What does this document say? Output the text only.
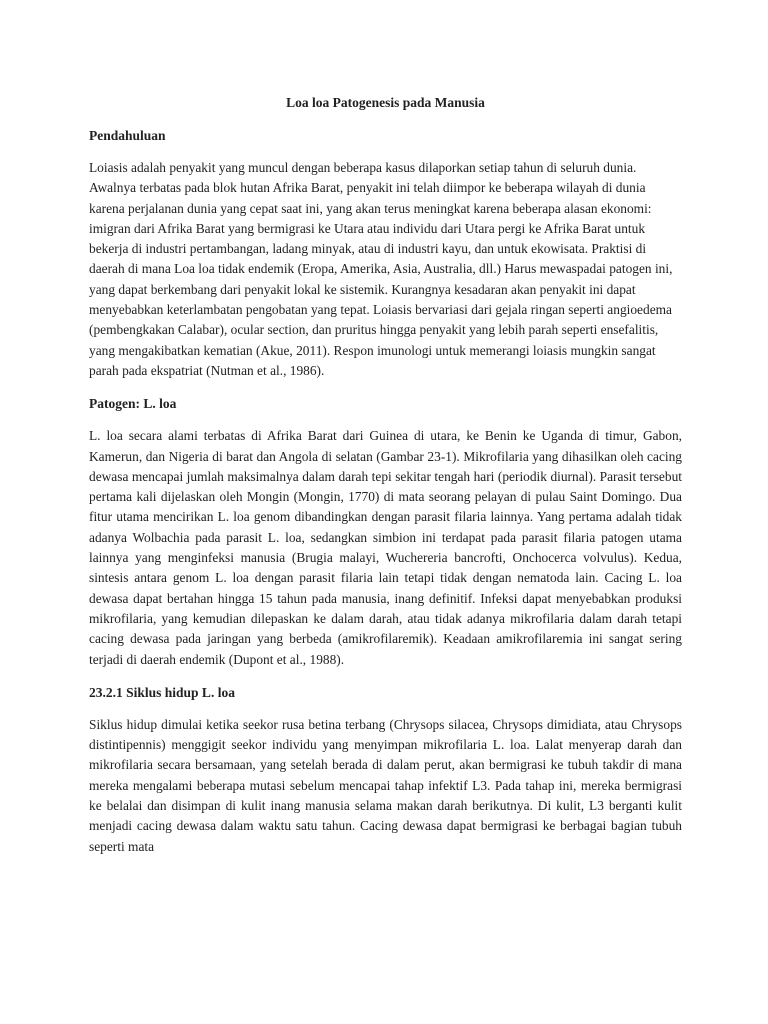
Loa loa Patogenesis pada Manusia
Pendahuluan

Loiasis adalah penyakit yang muncul dengan beberapa kasus dilaporkan setiap tahun di seluruh dunia. Awalnya terbatas pada blok hutan Afrika Barat, penyakit ini telah diimpor ke beberapa wilayah di dunia karena perjalanan dunia yang cepat saat ini, yang akan terus meningkat karena beberapa alasan ekonomi: imigran dari Afrika Barat yang bermigrasi ke Utara atau individu dari Utara pergi ke Afrika Barat untuk bekerja di industri pertambangan, ladang minyak, atau di industri kayu, dan untuk ekowisata. Praktisi di daerah di mana Loa loa tidak endemik (Eropa, Amerika, Asia, Australia, dll.) Harus mewaspadai patogen ini, yang dapat berkembang dari penyakit lokal ke sistemik. Kurangnya kesadaran akan penyakit ini dapat menyebabkan keterlambatan pengobatan yang tepat. Loiasis bervariasi dari gejala ringan seperti angioedema (pembengkakan Calabar), ocular section, dan pruritus hingga penyakit yang lebih parah seperti ensefalitis, yang mengakibatkan kematian (Akue, 2011). Respon imunologi untuk memerangi loiasis mungkin sangat parah pada ekspatriat (Nutman et al., 1986).

Patogen: L. loa

L. loa secara alami terbatas di Afrika Barat dari Guinea di utara, ke Benin ke Uganda di timur, Gabon, Kamerun, dan Nigeria di barat dan Angola di selatan (Gambar 23-1). Mikrofilaria yang dihasilkan oleh cacing dewasa mencapai jumlah maksimalnya dalam darah tepi sekitar tengah hari (periodik diurnal). Parasit tersebut pertama kali dijelaskan oleh Mongin (Mongin, 1770) di mata seorang pelayan di pulau Saint Domingo. Dua fitur utama mencirikan L. loa genom dibandingkan dengan parasit filaria lainnya. Yang pertama adalah tidak adanya Wolbachia pada parasit L. loa, sedangkan simbion ini terdapat pada parasit filaria patogen utama lainnya yang menginfeksi manusia (Brugia malayi, Wuchereria bancrofti, Onchocerca volvulus). Kedua, sintesis antara genom L. loa dengan parasit filaria lain tetapi tidak dengan nematoda lain. Cacing L. loa dewasa dapat bertahan hingga 15 tahun pada manusia, inang definitif. Infeksi dapat menyebabkan produksi mikrofilaria, yang kemudian dilepaskan ke dalam darah, atau tidak adanya mikrofilaria dalam darah tetapi cacing dewasa pada jaringan yang berbeda (amikrofilaremik). Keadaan amikrofilaremia ini sangat sering terjadi di daerah endemik (Dupont et al., 1988).

23.2.1 Siklus hidup L. loa

Siklus hidup dimulai ketika seekor rusa betina terbang (Chrysops silacea, Chrysops dimidiata, atau Chrysops distintipennis) menggigit seekor individu yang menyimpan mikrofilaria L. loa. Lalat menyerap darah dan mikrofilaria secara bersamaan, yang setelah berada di dalam perut, akan bermigrasi ke tubuh takdir di mana mereka mengalami beberapa mutasi sebelum mencapai tahap infektif L3. Pada tahap ini, mereka bermigrasi ke belalai dan disimpan di kulit inang manusia selama makan darah berikutnya. Di kulit, L3 berganti kulit menjadi cacing dewasa dalam waktu satu tahun. Cacing dewasa dapat bermigrasi ke berbagai bagian tubuh seperti mata
